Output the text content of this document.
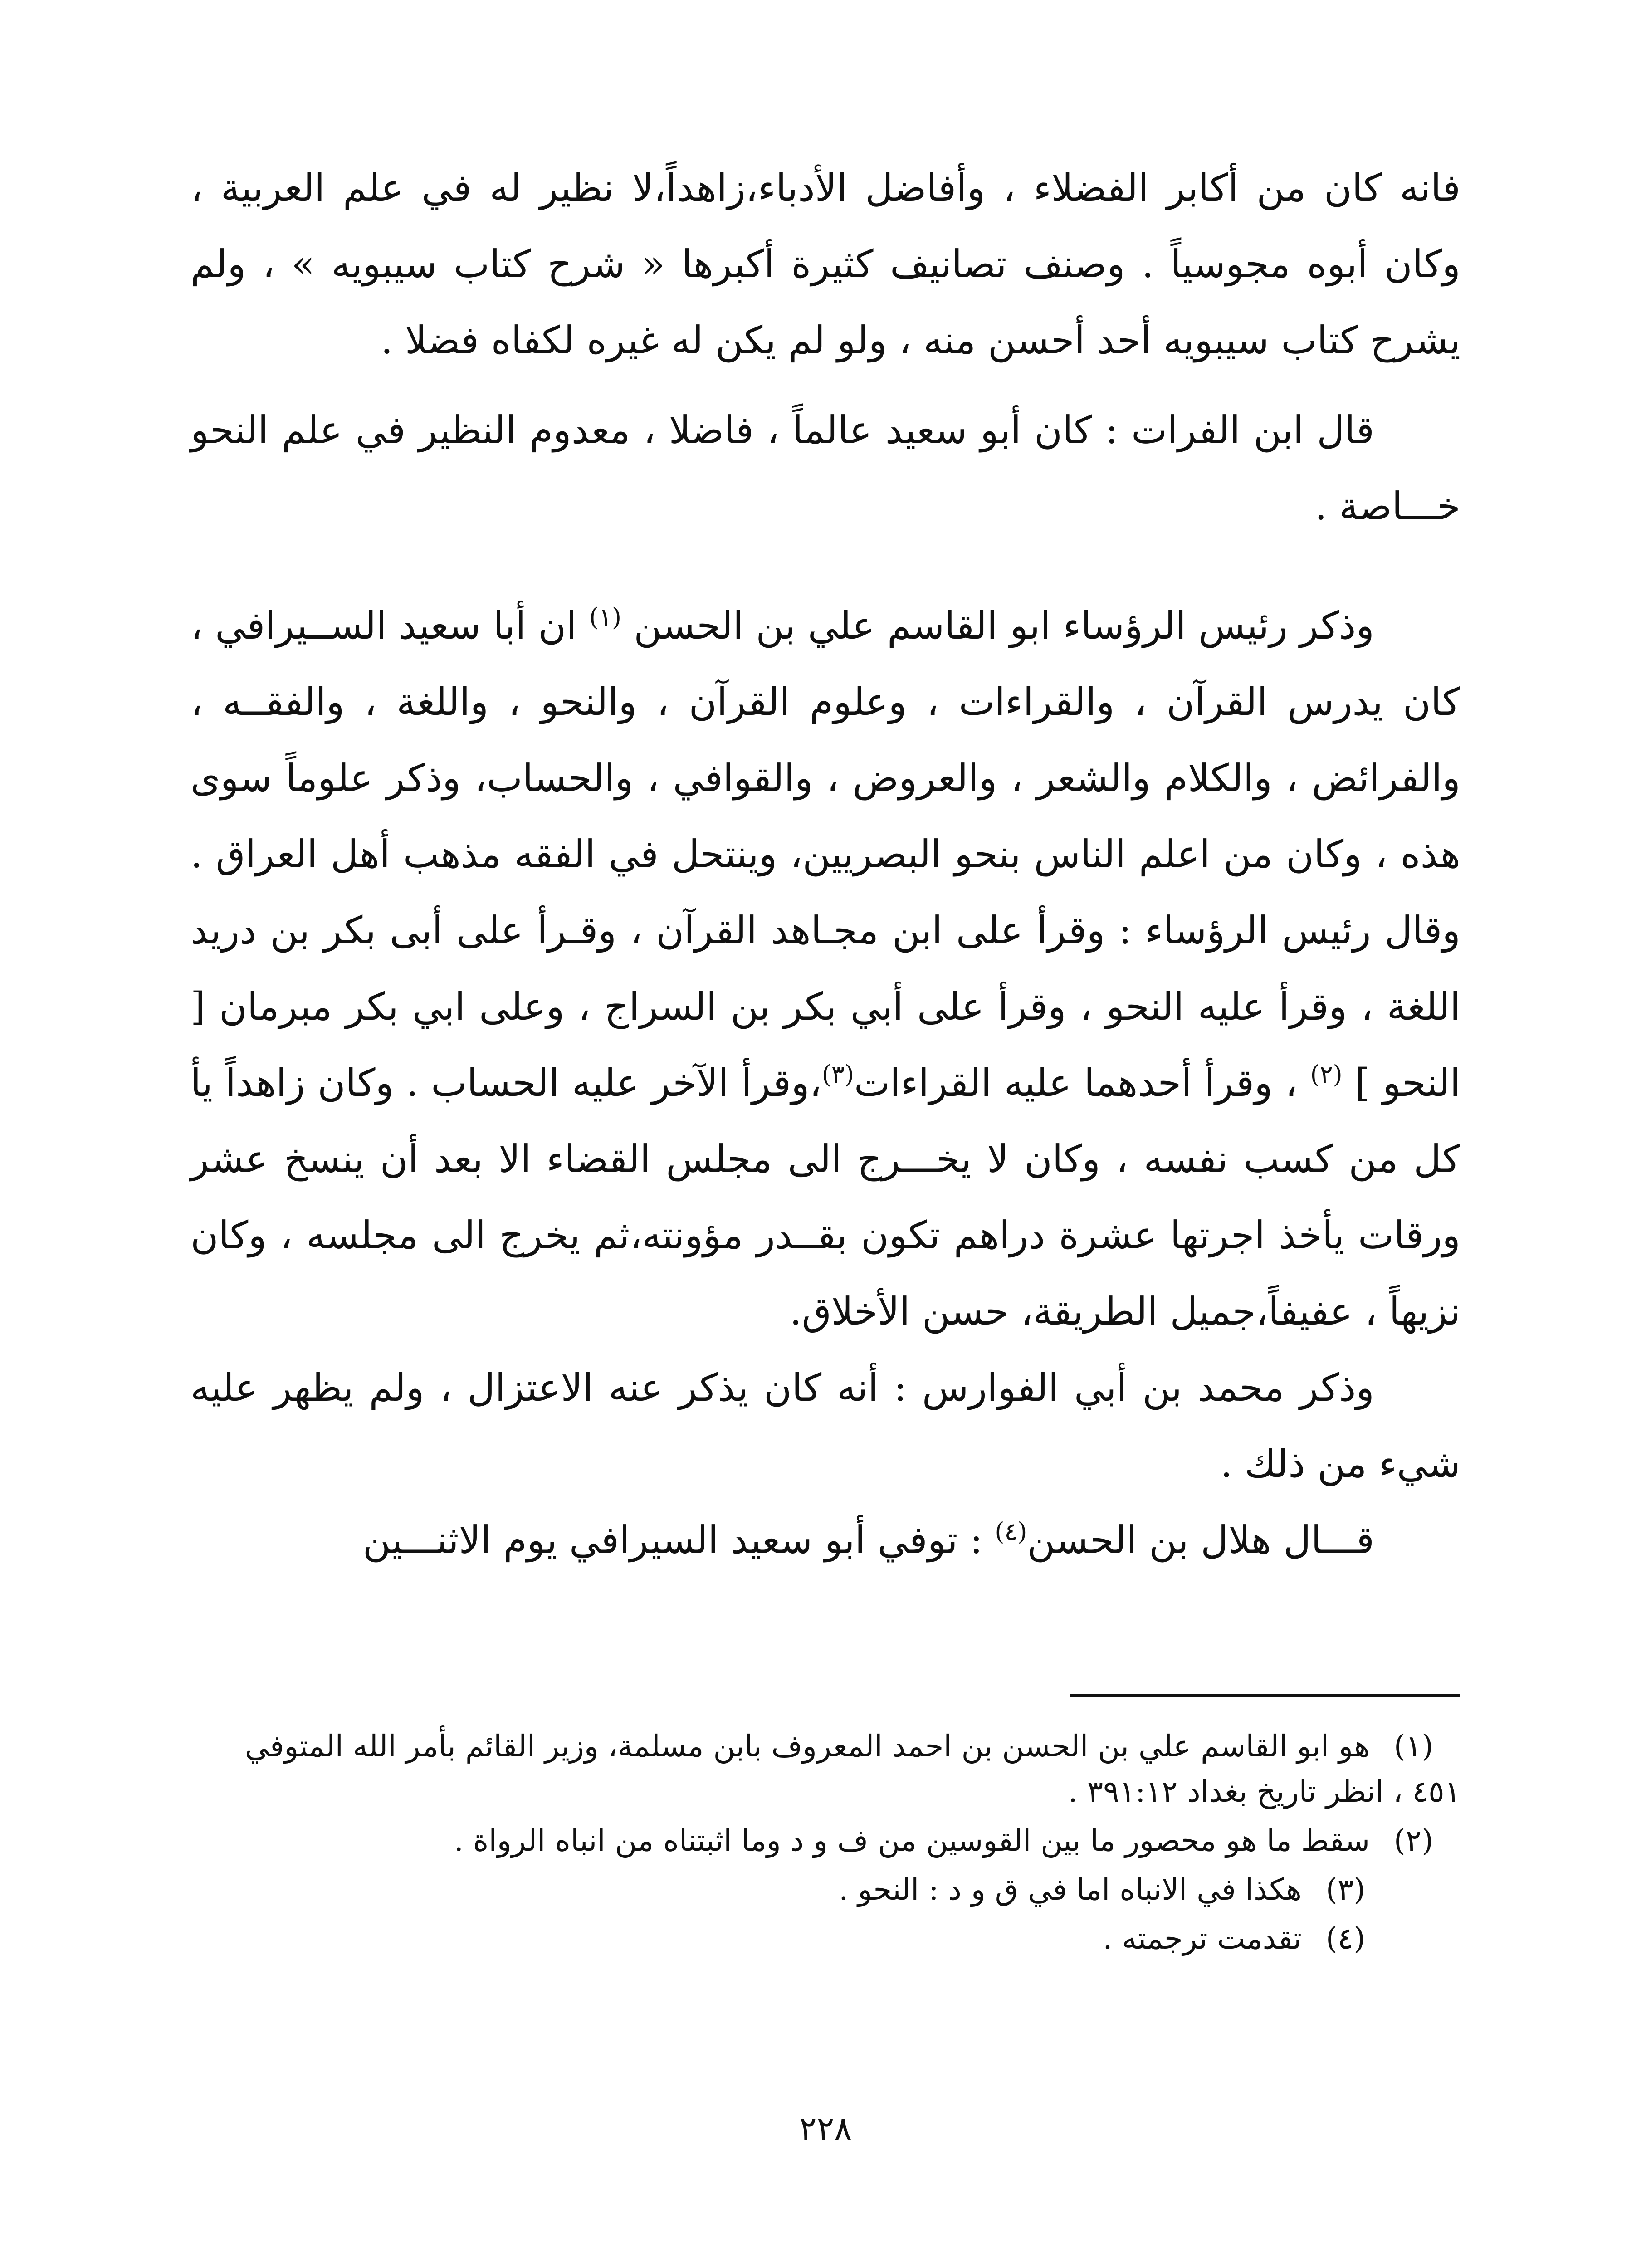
فانه كان من أكابر الفضلاء ، وأفاضل الأدباء،زاهداً،لا نظير له في علم العربية ، وكان أبوه مجوسياً . وصنف تصانيف كثيرة أكبرها « شرح كتاب سيبويه » ، ولم يشرح كتاب سيبويه أحد أحسن منه ، ولو لم يكن له غيره لكفاه فضلا .

قال ابن الفرات : كان أبو سعيد عالماً ، فاضلا ، معدوم النظير في علم النحو خـــاصة .

وذكر رئيس الرؤساء ابو القاسم علي بن الحسن $^{(١)}$ ان أبا سعيد الســيرافي ، كان يدرس القرآن ، والقراءات ، وعلوم القرآن ، والنحو ، واللغة ، والفقــه ، والفرائض ، والكلام والشعر ، والعروض ، والقوافي ، والحساب، وذكر علوماً سوى هذه ، وكان من اعلم الناس بنحو البصريين، وينتحل في الفقه مذهب أهل العراق . وقال رئيس الرؤساء : وقرأ على ابن مجـاهد القرآن ، وقـرأ على أبى بكر بن دريد اللغة ، وقرأ عليه النحو ، وقرأ على أبي بكر بن السراج ، وعلى ابي بكر مبرمان [ النحو ] $^{(٢)}$ ، وقرأ أحدهما عليه القراءات$^{(٣)}$،وقرأ الآخر عليه الحساب . وكان زاهداً يأ كل من كسب نفسه ، وكان لا يخـــرج الى مجلس القضاء الا بعد أن ينسخ عشر ورقات يأخذ اجرتها عشرة دراهم تكون بقــدر مؤونته،ثم يخرج الى مجلسه ، وكان نزيهاً ، عفيفاً،جميل الطريقة، حسن الأخلاق.

وذكر محمد بن أبي الفوارس : أنه كان يذكر عنه الاعتزال ، ولم يظهر عليه شيء من ذلك .

قـــال هلال بن الحسن$^{(٤)}$ : توفي أبو سعيد السيرافي يوم الاثنـــين

(١)هو ابو القاسم علي بن الحسن بن احمد المعروف بابن مسلمة، وزير القائم بأمر الله المتوفي ٤٥١ ، انظر تاريخ بغداد ٣٩١:١٢ .

(٢)سقط ما هو محصور ما بين القوسين من ف و د وما اثبتناه من انباه الرواة .

(٣)هكذا في الانباه اما في ق و د : النحو .

(٤)تقدمت ترجمته .

٢٢٨
